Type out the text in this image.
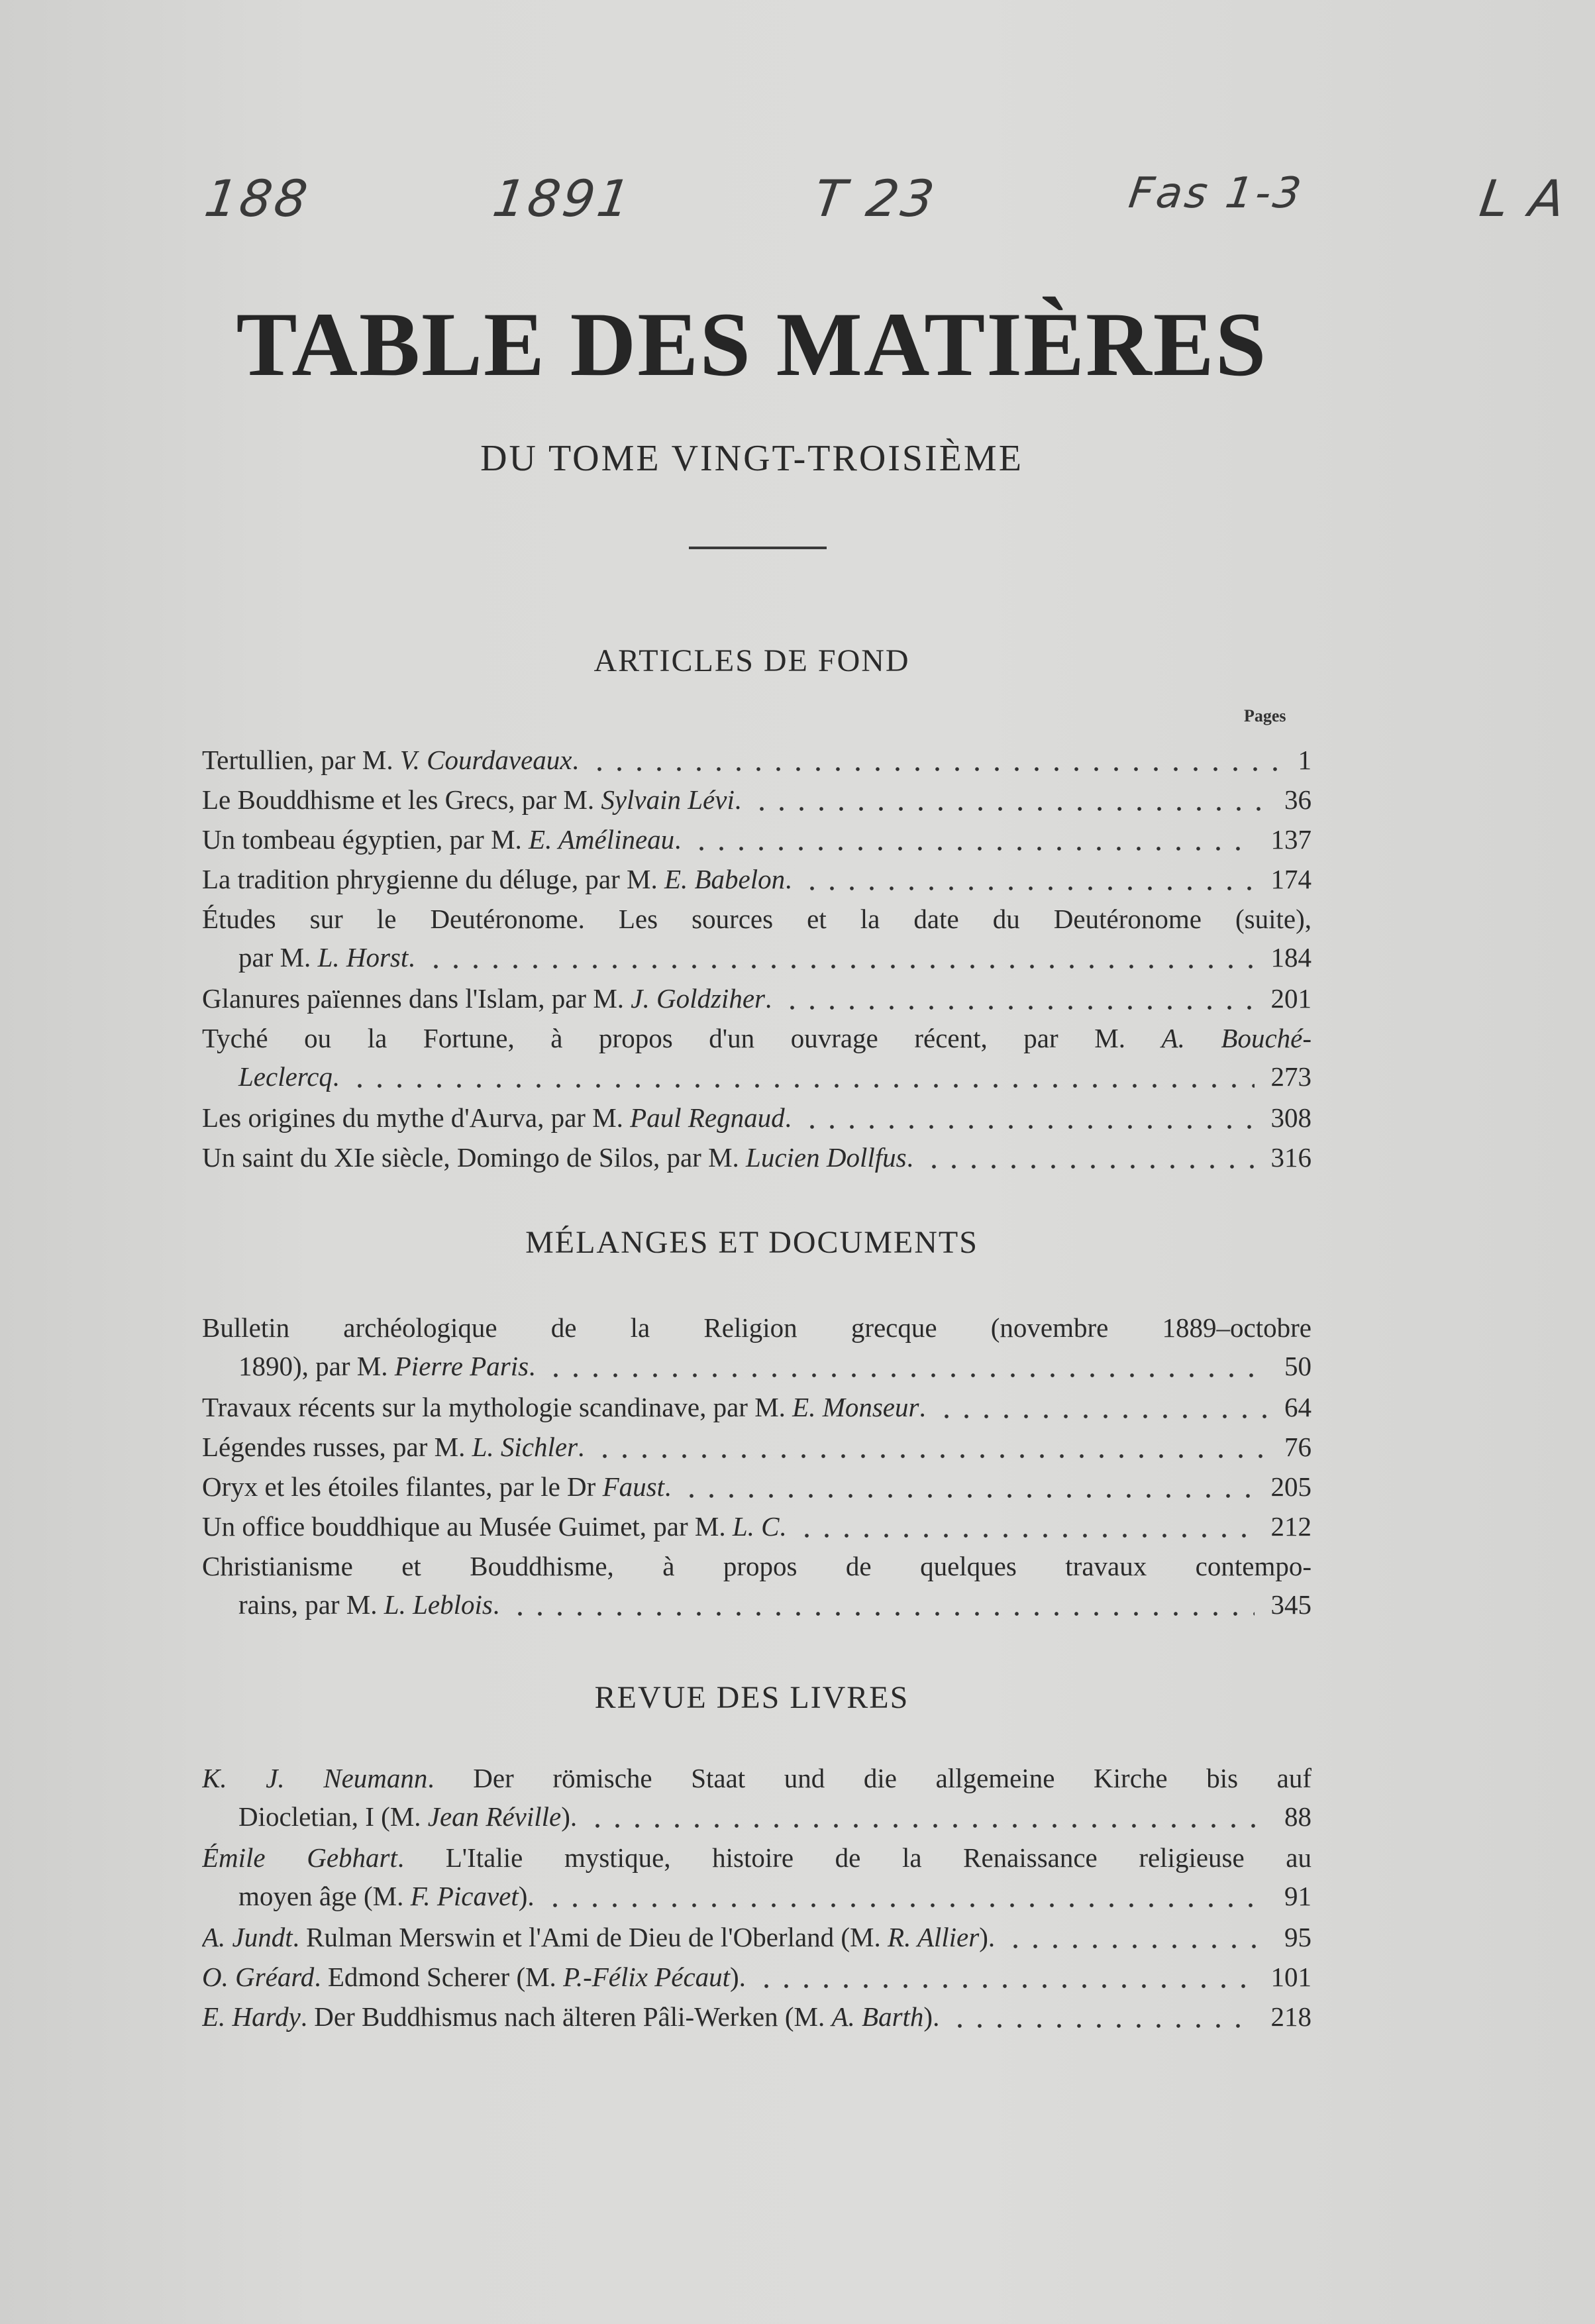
188	1891	T 23	Fas 1-3	L A
TABLE DES MATIÈRES
DU TOME VINGT-TROISIÈME
ARTICLES DE FOND
Pages
MÉLANGES ET DOCUMENTS
REVUE DES LIVRES
Tertullien, par M. V. Courdaveaux.	1
Le Bouddhisme et les Grecs, par M. Sylvain Lévi.	36
Un tombeau égyptien, par M. E. Amélineau.	137
La tradition phrygienne du déluge, par M. E. Babelon.	174
Études sur le Deutéronome. Les sources et la date du Deutéronome (suite),
par M. L. Horst.	184
Glanures païennes dans l'Islam, par M. J. Goldziher.	201
Tyché ou la Fortune, à propos d'un ouvrage récent, par M. A. Bouché-
Leclercq.	273
Les origines du mythe d'Aurva, par M. Paul Regnaud.	308
Un saint du XIe siècle, Domingo de Silos, par M. Lucien Dollfus.	316
Bulletin archéologique de la Religion grecque (novembre 1889–octobre
1890), par M. Pierre Paris.	50
Travaux récents sur la mythologie scandinave, par M. E. Monseur.	64
Légendes russes, par M. L. Sichler.	76
Oryx et les étoiles filantes, par le Dr Faust.	205
Un office bouddhique au Musée Guimet, par M. L. C.	212
Christianisme et Bouddhisme, à propos de quelques travaux contempo-
rains, par M. L. Leblois.	345
K. J. Neumann. Der römische Staat und die allgemeine Kirche bis auf
Diocletian, I (M. Jean Réville).	88
Émile Gebhart. L'Italie mystique, histoire de la Renaissance religieuse au
moyen âge (M. F. Picavet).	91
A. Jundt. Rulman Merswin et l'Ami de Dieu de l'Oberland (M. R. Allier).	95
O. Gréard. Edmond Scherer (M. P.-Félix Pécaut).	101
E. Hardy. Der Buddhismus nach älteren Pâli-Werken (M. A. Barth).	218
